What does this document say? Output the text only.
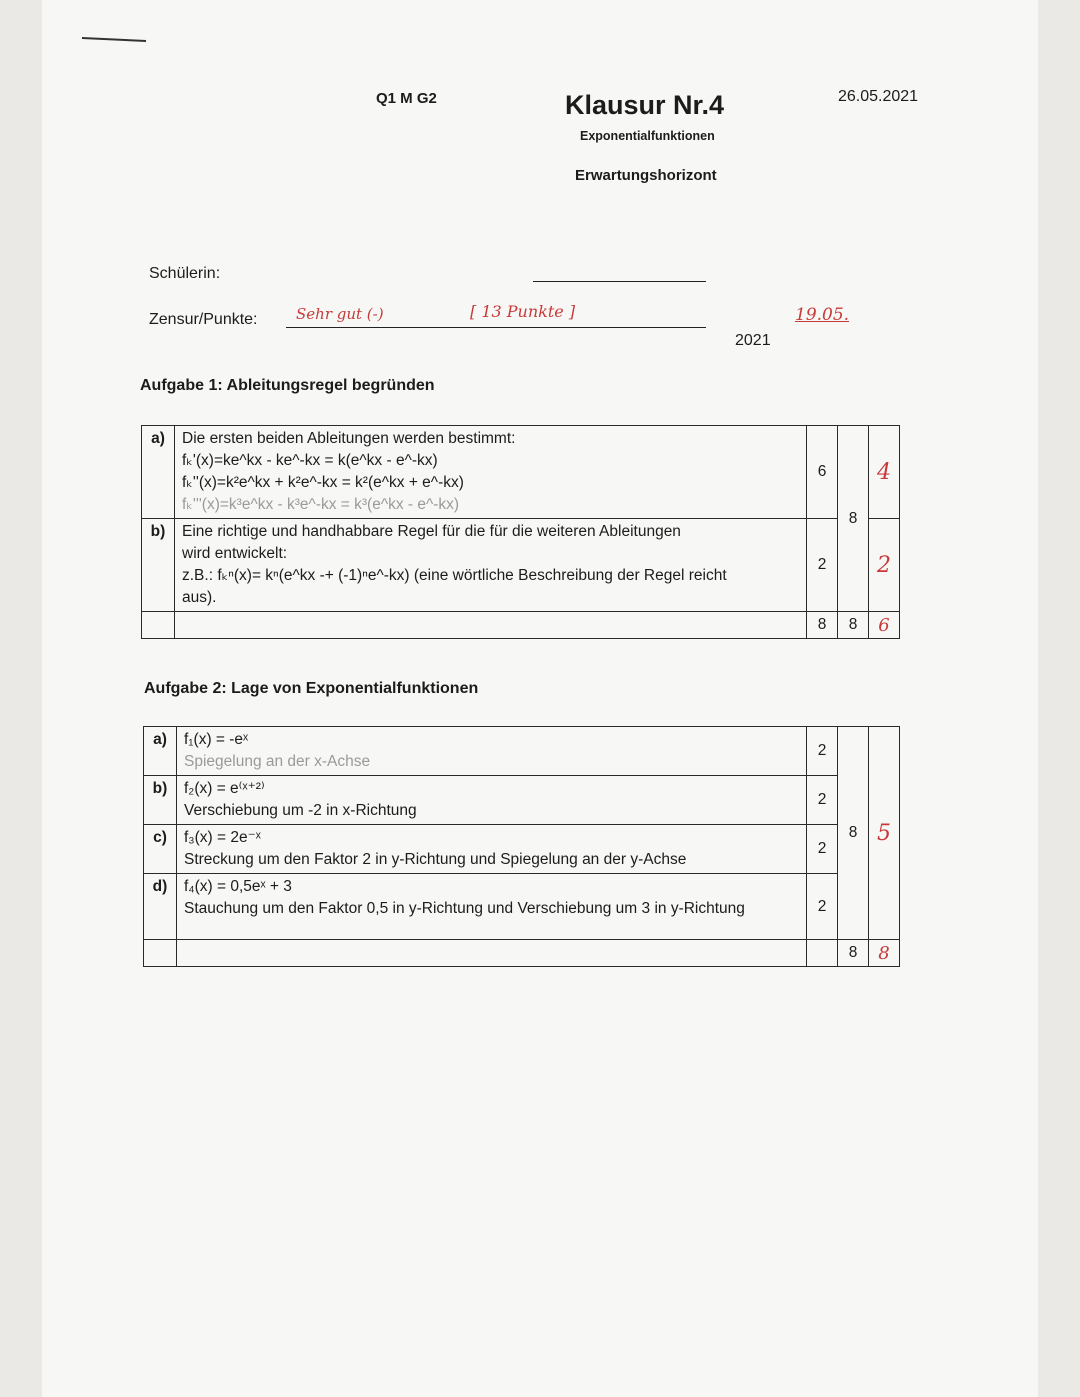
Q1 M G2	Klausur Nr.4
Exponentialfunktionen
Erwartungshorizont
26.05.2021
Schülerin:
Zensur/Punkte:	Sehr gut (-)	[ 13 Punkte ]
2021
19.05.
Aufgabe 1: Ableitungsregel begründen
a)	Die ersten beiden Ableitungen werden bestimmt:
fₖ'(x)=ke^kx - ke^-kx = k(e^kx - e^-kx)
fₖ''(x)=k²e^kx + k²e^-kx = k²(e^kx + e^-kx)
fₖ'''(x)=k³e^kx - k³e^-kx = k³(e^kx - e^-kx)	6	8	4
b)	Eine richtige und handhabbare Regel für die für die weiteren Ableitungen
wird entwickelt:
z.B.: fₖⁿ(x)= kⁿ(e^kx -+ (-1)ⁿe^-kx) (eine wörtliche Beschreibung der Regel reicht
aus).	2		2
		8	8	6
Aufgabe 2: Lage von Exponentialfunktionen
a)	f₁(x) = -eˣ
Spiegelung an der x-Achse	2	8	5
b)	f₂(x) = e⁽ˣ⁺²⁾
Verschiebung um -2 in x-Richtung	2		
c)	f₃(x) = 2e⁻ˣ
Streckung um den Faktor 2 in y-Richtung und Spiegelung an der y-Achse	2		
d)	f₄(x) = 0,5eˣ + 3
Stauchung um den Faktor 0,5 in y-Richtung und Verschiebung um 3 in y-Richtung	2		
			8	8
